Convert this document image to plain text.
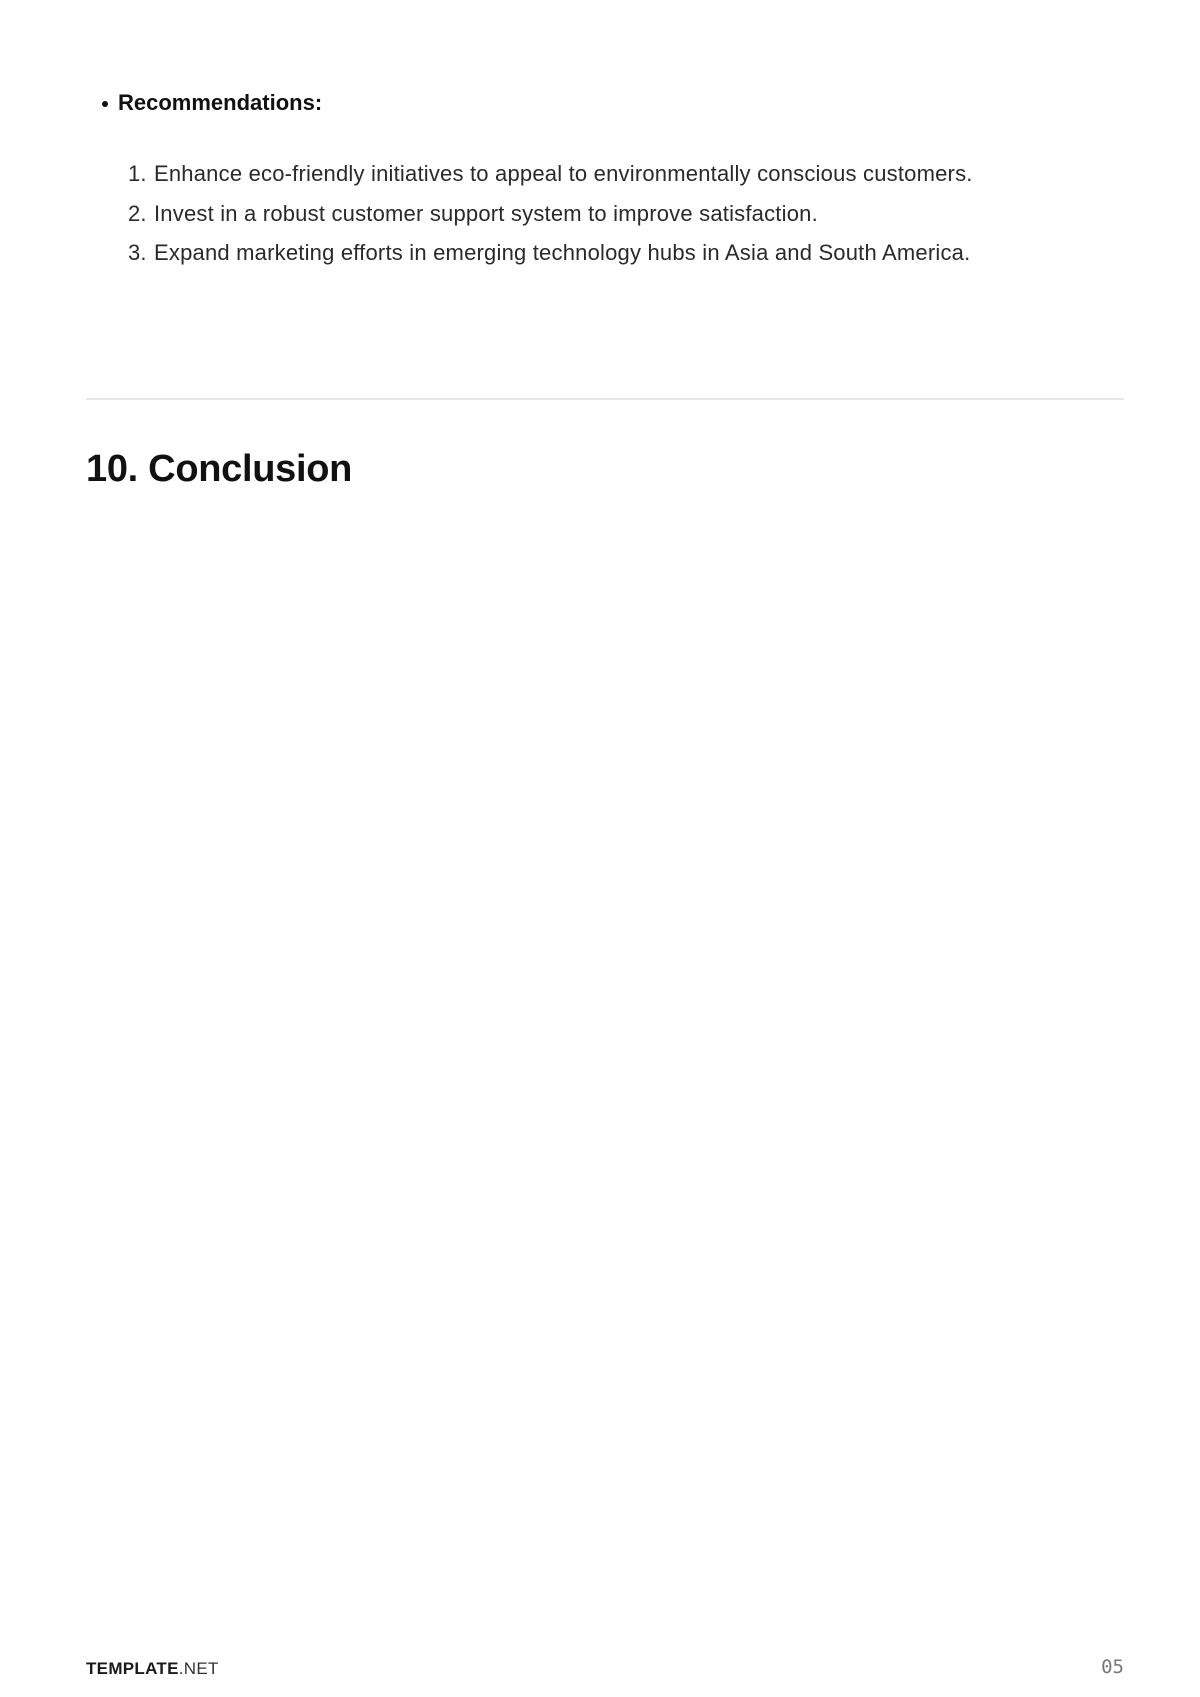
Recommendations:
1. Enhance eco-friendly initiatives to appeal to environmentally conscious customers.
2. Invest in a robust customer support system to improve satisfaction.
3. Expand marketing efforts in emerging technology hubs in Asia and South America.
10. Conclusion
TEMPLATE.NET	05
